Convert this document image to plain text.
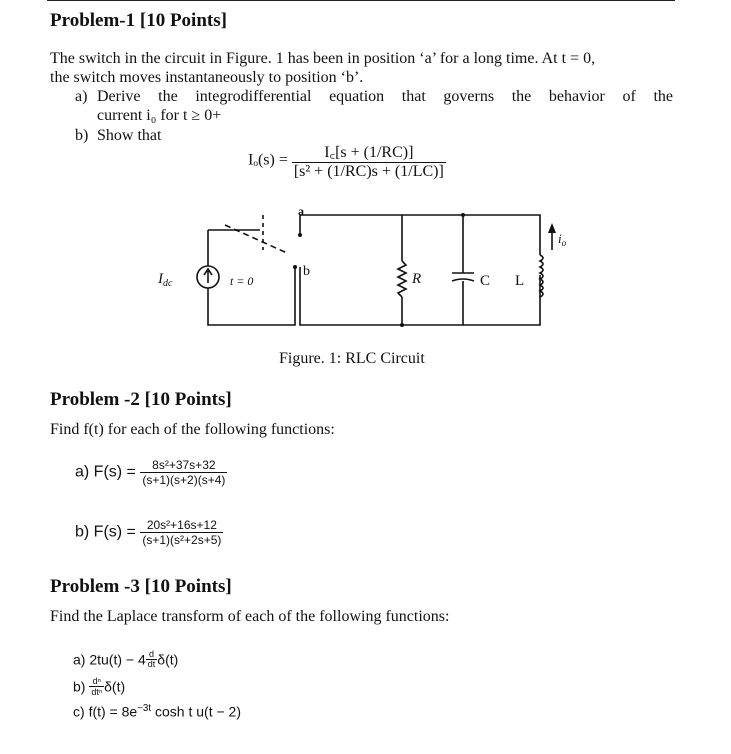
Problem-1 [10 Points]
The switch in the circuit in Figure. 1 has been in position ‘a’ for a long time. At t = 0,
the switch moves instantaneously to position ‘b’.
a) Derive the integrodifferential equation that governs the behavior of the
current i₀ for t ≥ 0+
b) Show that
$I_o(s) = \frac{I꜀[s + (1/RC)]}{\text{[s² + (1/RC)s + (1/LC)]}}$
$I_{dc}$	t = 0
a
b	R	C L
$i_o$
Figure. 1: RLC Circuit
Problem -2 [10 Points]
Find f(t) for each of the following functions:
a) $F(s) = \frac{\text{8s²+37s+32}}{(s+1)(s+2)(s+4)}$
b) $F(s) = \frac{\text{20s²+16s+12}}{\text{(s+1)(s²+2s+5)}}$
Problem -3 [10 Points]
Find the Laplace transform of each of the following functions:
a) $2tu(t) - 4 \frac{d}{dt} \delta(t)$
$b) \frac{\text{dⁿ}}{\text{dtⁿ}} \delta(t)$
c) $f(t) = 8e^{-3t}$ cosh t u(t − 2)
